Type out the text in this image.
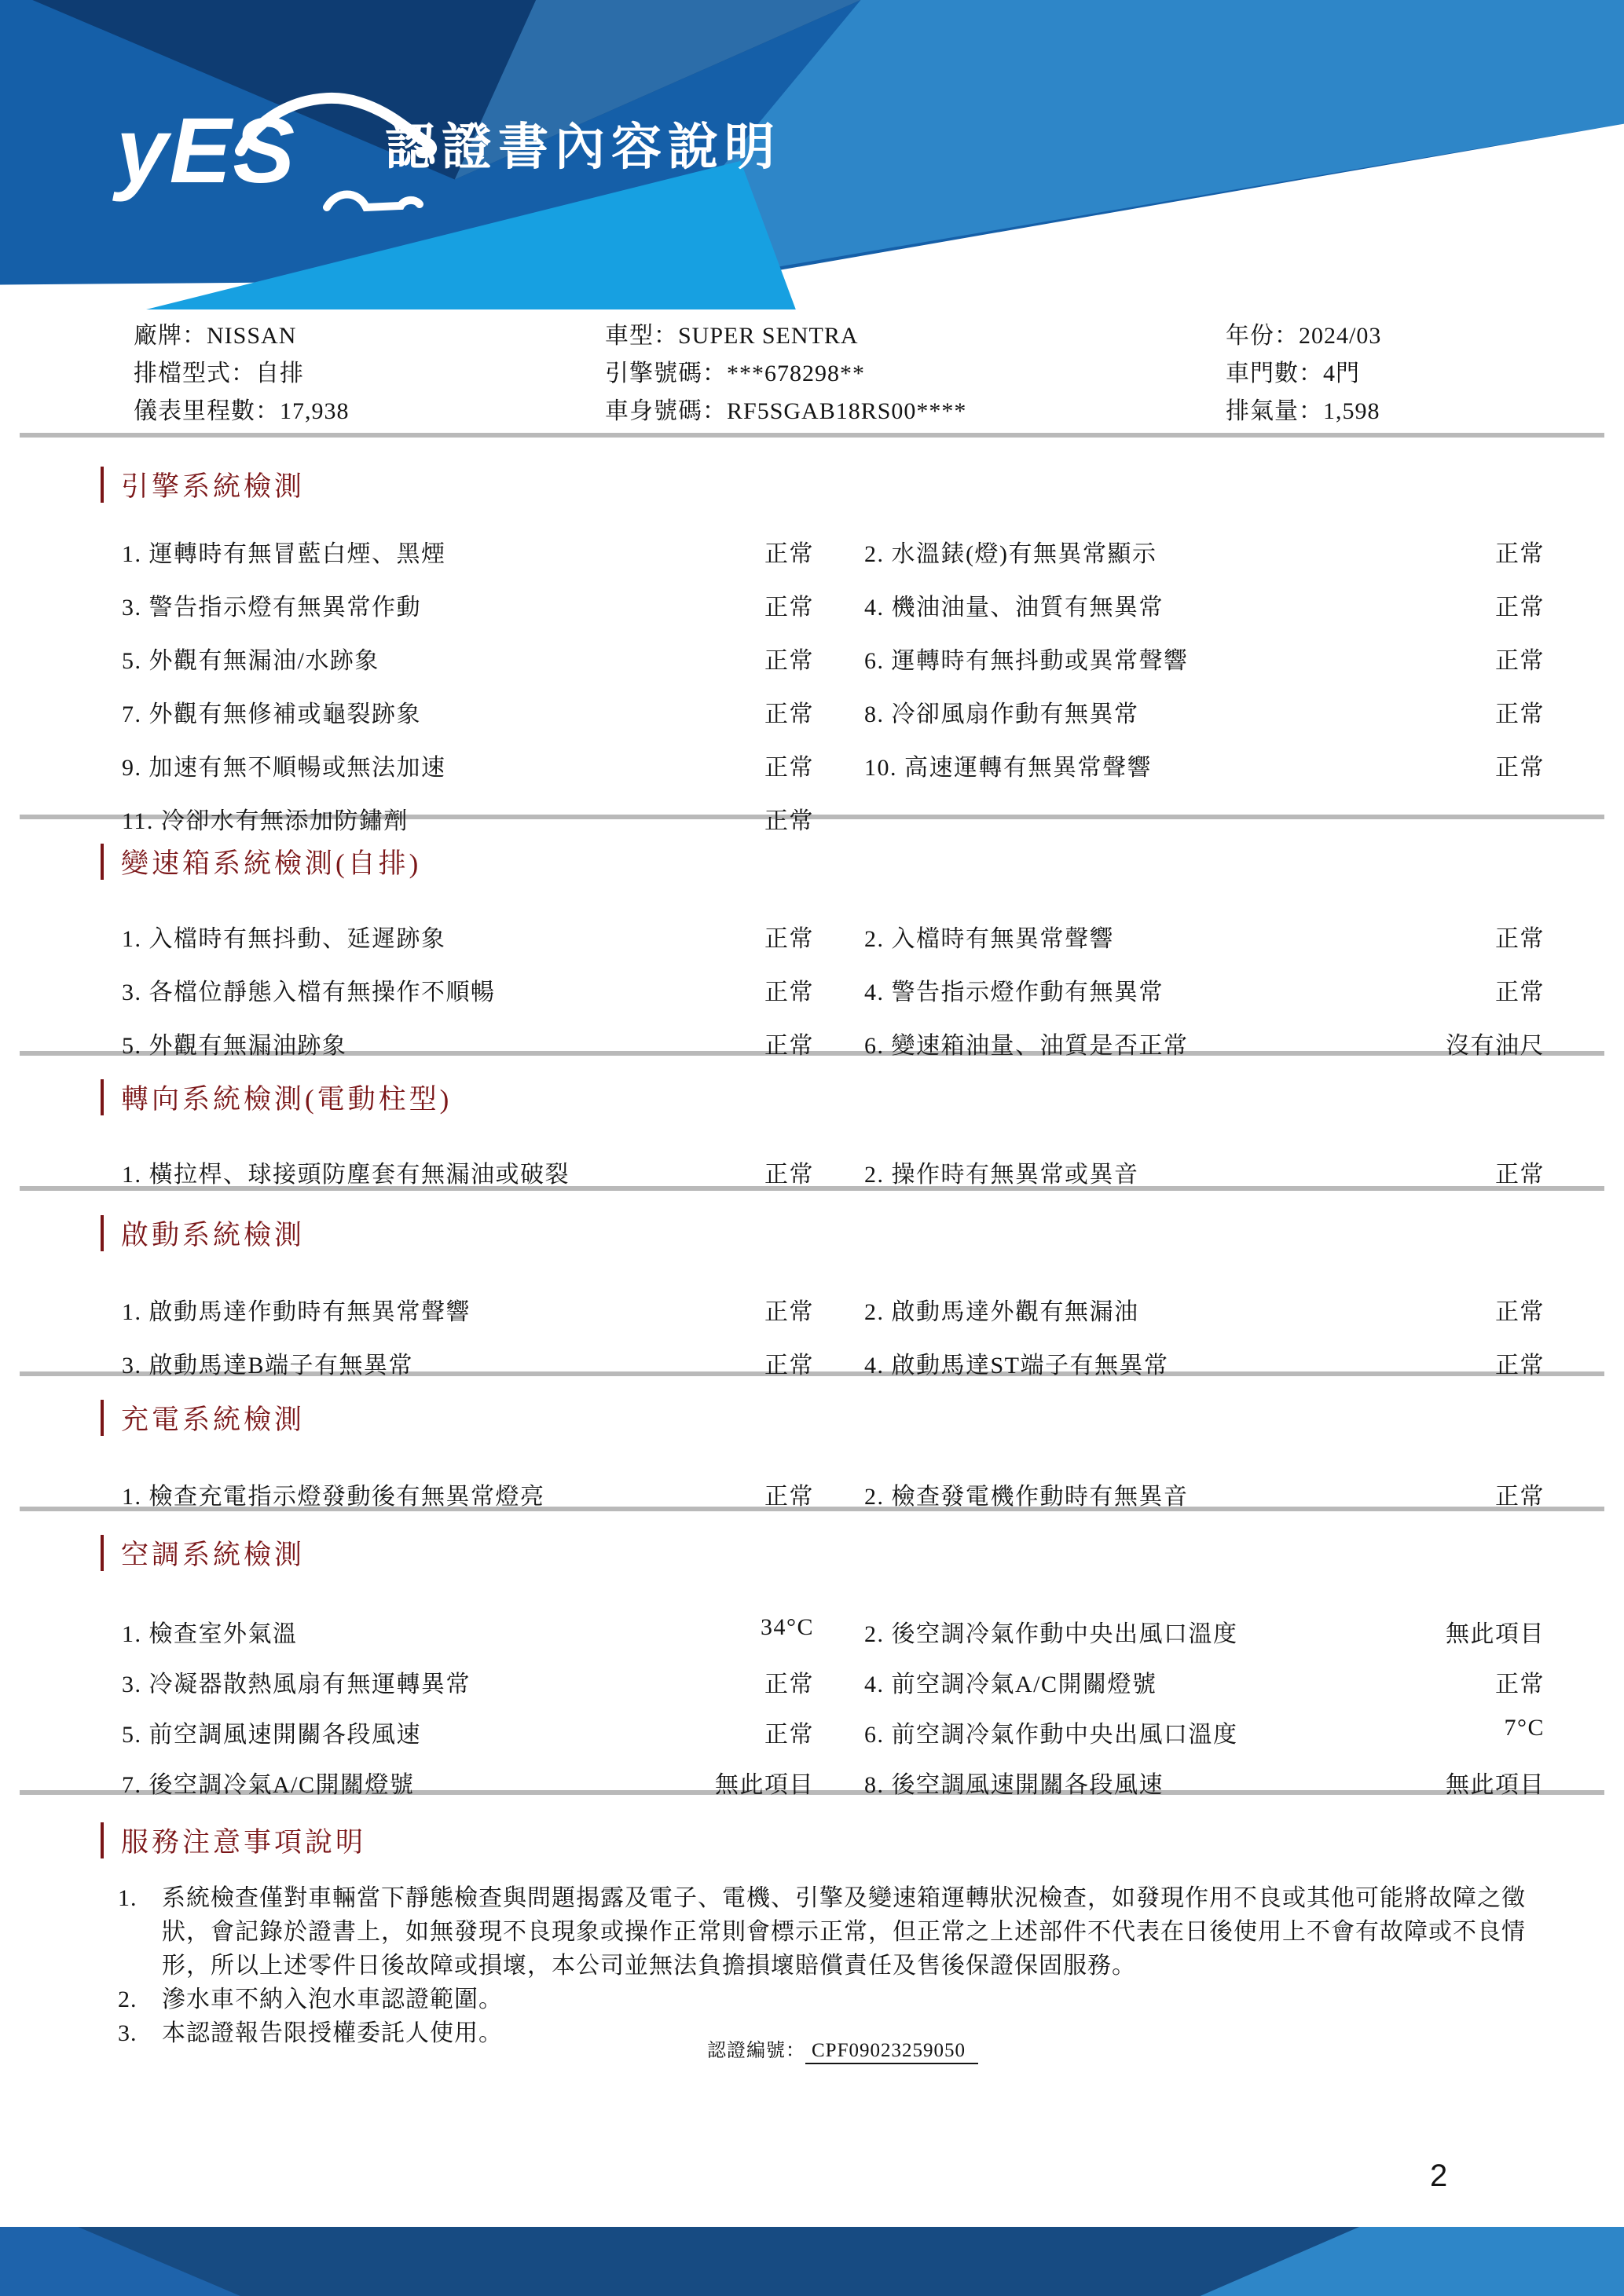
yES 認證書內容說明
廠牌：NISSAN	車型：SUPER SENTRA	年份：2024/03
排檔型式：自排	引擎號碼：***678298**	車門數：4門
儀表里程數：17,938	車身號碼：RF5SGAB18RS00****	排氣量：1,598
引擎系統檢測
1. 運轉時有無冒藍白煙、黑煙	正常 2. 水溫錶(燈)有無異常顯示	正常
3. 警告指示燈有無異常作動	正常 4. 機油油量、油質有無異常	正常
5. 外觀有無漏油/水跡象	正常 6. 運轉時有無抖動或異常聲響	正常
7. 外觀有無修補或龜裂跡象	正常 8. 冷卻風扇作動有無異常	正常
9. 加速有無不順暢或無法加速	正常 10. 高速運轉有無異常聲響	正常
11. 冷卻水有無添加防鏽劑	正常
變速箱系統檢測(自排)
1. 入檔時有無抖動、延遲跡象	正常 2. 入檔時有無異常聲響	正常
3. 各檔位靜態入檔有無操作不順暢	正常 4. 警告指示燈作動有無異常	正常
5. 外觀有無漏油跡象	正常 6. 變速箱油量、油質是否正常	沒有油尺
轉向系統檢測(電動柱型)
1. 橫拉桿、球接頭防塵套有無漏油或破裂	正常 2. 操作時有無異常或異音	正常
啟動系統檢測
1. 啟動馬達作動時有無異常聲響	正常 2. 啟動馬達外觀有無漏油	正常
3. 啟動馬達B端子有無異常	正常 4. 啟動馬達ST端子有無異常	正常
充電系統檢測
1. 檢查充電指示燈發動後有無異常燈亮	正常 2. 檢查發電機作動時有無異音	正常
空調系統檢測
1. 檢查室外氣溫	34°C 2. 後空調冷氣作動中央出風口溫度	無此項目
3. 冷凝器散熱風扇有無運轉異常	正常 4. 前空調冷氣A/C開關燈號	正常
5. 前空調風速開關各段風速	正常 6. 前空調冷氣作動中央出風口溫度	7°C
7. 後空調冷氣A/C開關燈號	無此項目 8. 後空調風速開關各段風速	無此項目
服務注意事項說明
1.	系統檢查僅對車輛當下靜態檢查與問題揭露及電子、電機、引擎及變速箱運轉狀況檢查，如發現作用不良或其他可能將故障之徵狀，會記錄於證書上，如無發現不良現象或操作正常則會標示正常，但正常之上述部件不代表在日後使用上不會有故障或不良情形，所以上述零件日後故障或損壞，本公司並無法負擔損壞賠償責任及售後保證保固服務。
2.	滲水車不納入泡水車認證範圍。
3.	本認證報告限授權委託人使用。
認證編號： CPF09023259050
2
